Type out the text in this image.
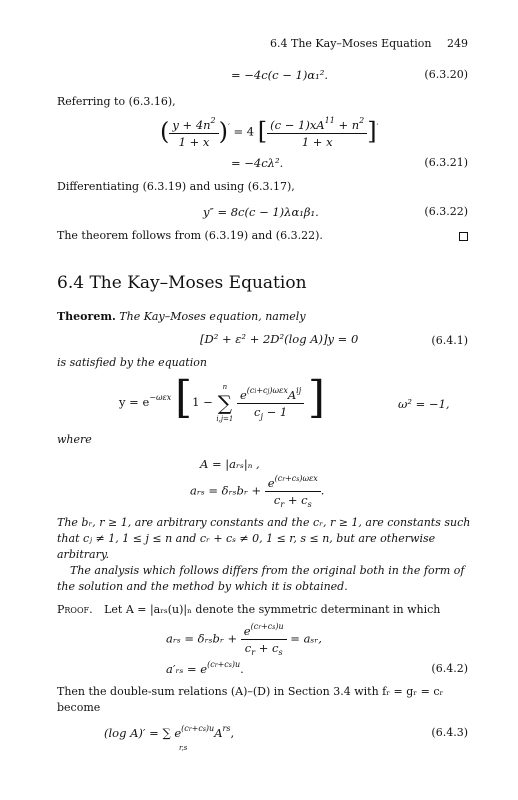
6.4 The Kay–Moses Equation 249
= −4c(c − 1)α₁².	(6.3.20)
Referring to (6.3.16),
( $\frac{y + 4n^2}{1 + x} )' = 4$ [ $\frac{(c - 1)xA^{11} + n^2}{1 + x} ]'$
= −4cλ².	(6.3.21)
Differentiating (6.3.19) and using (6.3.17),
y″ = 8c(c − 1)λα₁β₁.	(6.3.22)
The theorem follows from (6.3.19) and (6.3.22).
6.4 The Kay–Moses Equation
Theorem. The Kay–Moses equation, namely
[D² + ε² + 2D²(log A)]y = 0	(6.4.1)
is satisfied by the equation
$y = e^{-\omega\varepsilon x}$ [1 −
n
∑
i,j=1
$\frac{e^{(ci+cj)\omega\varepsilon x}A^{ij}}{c_j - 1}$ ]	ω² = −1,
where
A = |aᵣₛ|ₙ ,
aᵣₛ = δᵣₛbᵣ + $\frac{e^{(cr+cs)\omega\varepsilon x}}{c_r + c_s}$ .
The bᵣ, r ≥ 1, are arbitrary constants and the cᵣ, r ≥ 1, are constants such
that cⱼ ≠ 1, 1 ≤ j ≤ n and cᵣ + cₛ ≠ 0, 1 ≤ r, s ≤ n, but are otherwise
arbitrary.
The analysis which follows differs from the original both in the form of
the solution and the method by which it is obtained.
Proof. Let A = |aᵣₛ(u)|ₙ denote the symmetric determinant in which
aᵣₛ = δᵣₛbᵣ + $\frac{e^{(cr+cs)u}}{c_r + c_s}$ = aₛᵣ,
a′ᵣₛ = $e^{(cr+cs)u}$.	(6.4.2)
Then the double-sum relations (A)–(D) in Section 3.4 with fᵣ = gᵣ = cᵣ
become
(log A)′ = ∑ $e^{(cr+cs)u}A^{rs}$,
r,s
(6.4.3)
